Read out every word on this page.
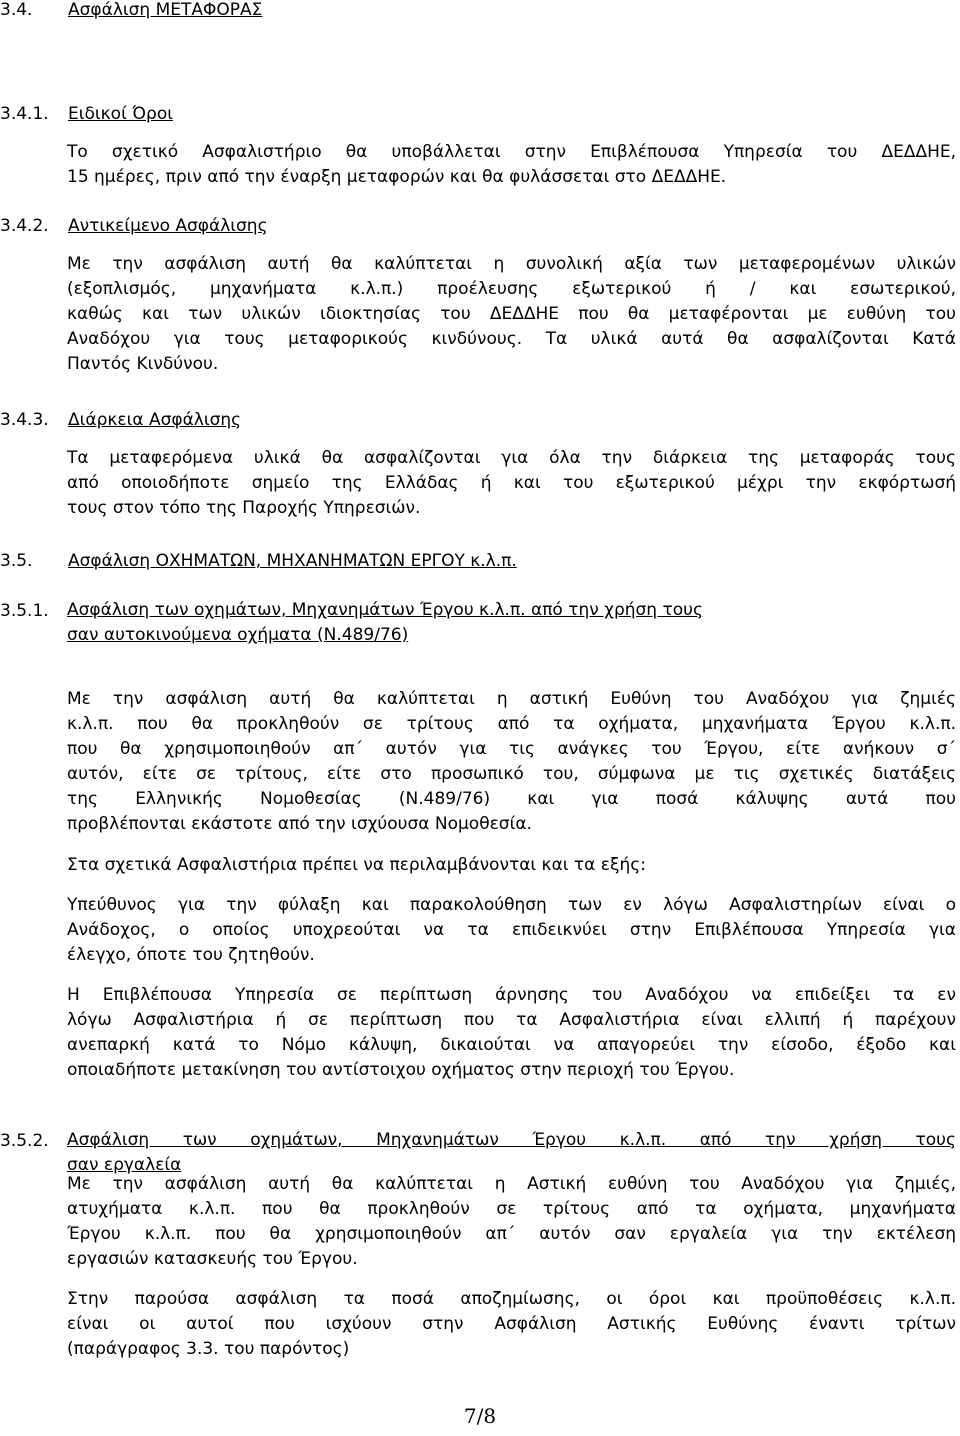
3.4. Ασφάλιση ΜΕΤΑΦΟΡΑΣ
3.4.1. Ειδικοί Όροι
Το σχετικό Ασφαλιστήριο θα υποβάλλεται στην Επιβλέπουσα Υπηρεσία του ΔΕΔΔΗΕ,
15 ημέρες, πριν από την έναρξη μεταφορών και θα φυλάσσεται στο ΔΕΔΔΗΕ.
3.4.2. Αντικείμενο Ασφάλισης
Με την ασφάλιση αυτή θα καλύπτεται η συνολική αξία των μεταφερομένων υλικών
(εξοπλισμός, μηχανήματα κ.λ.π.) προέλευσης εξωτερικού ή / και εσωτερικού,
καθώς και των υλικών ιδιοκτησίας του ΔΕΔΔΗΕ που θα μεταφέρονται με ευθύνη του
Αναδόχου για τους μεταφορικούς κινδύνους. Τα υλικά αυτά θα ασφαλίζονται Κατά
Παντός Κινδύνου.
3.4.3. Διάρκεια Ασφάλισης
Τα μεταφερόμενα υλικά θα ασφαλίζονται για όλα την διάρκεια της μεταφοράς τους
από οποιοδήποτε σημείο της Ελλάδας ή και του εξωτερικού μέχρι την εκφόρτωσή
τους στον τόπο της Παροχής Υπηρεσιών.
3.5. Ασφάλιση ΟΧΗΜΑΤΩΝ, ΜΗΧΑΝΗΜΑΤΩΝ ΕΡΓΟΥ κ.λ.π.
3.5.1. Ασφάλιση των οχημάτων, Μηχανημάτων Έργου κ.λ.π. από την χρήση τους
σαν αυτοκινούμενα οχήματα (Ν.489/76)
Με την ασφάλιση αυτή θα καλύπτεται η αστική Ευθύνη του Αναδόχου για ζημιές
κ.λ.π. που θα προκληθούν σε τρίτους από τα οχήματα, μηχανήματα Έργου κ.λ.π.
που θα χρησιμοποιηθούν απ΄ αυτόν για τις ανάγκες του Έργου, είτε ανήκουν σ΄
αυτόν, είτε σε τρίτους, είτε στο προσωπικό του, σύμφωνα με τις σχετικές διατάξεις
της Ελληνικής Νομοθεσίας (Ν.489/76) και για ποσά κάλυψης αυτά που
προβλέπονται εκάστοτε από την ισχύουσα Νομοθεσία.
Στα σχετικά Ασφαλιστήρια πρέπει να περιλαμβάνονται και τα εξής:
Υπεύθυνος για την φύλαξη και παρακολούθηση των εν λόγω Ασφαλιστηρίων είναι ο
Ανάδοχος, ο οποίος υποχρεούται να τα επιδεικνύει στην Επιβλέπουσα Υπηρεσία για
έλεγχο, όποτε του ζητηθούν.
Η Επιβλέπουσα Υπηρεσία σε περίπτωση άρνησης του Αναδόχου να επιδείξει τα εν
λόγω Ασφαλιστήρια ή σε περίπτωση που τα Ασφαλιστήρια είναι ελλιπή ή παρέχουν
ανεπαρκή κατά το Νόμο κάλυψη, δικαιούται να απαγορεύει την είσοδο, έξοδο και
οποιαδήποτε μετακίνηση του αντίστοιχου οχήματος στην περιοχή του Έργου.
3.5.2. Ασφάλιση των οχημάτων, Μηχανημάτων Έργου κ.λ.π. από την χρήση τους
σαν εργαλεία
Με την ασφάλιση αυτή θα καλύπτεται η Αστική ευθύνη του Αναδόχου για ζημιές,
ατυχήματα κ.λ.π. που θα προκληθούν σε τρίτους από τα οχήματα, μηχανήματα
Έργου κ.λ.π. που θα χρησιμοποιηθούν απ΄ αυτόν σαν εργαλεία για την εκτέλεση
εργασιών κατασκευής του Έργου.
Στην παρούσα ασφάλιση τα ποσά αποζημίωσης, οι όροι και προϋποθέσεις κ.λ.π.
είναι οι αυτοί που ισχύουν στην Ασφάλιση Αστικής Ευθύνης έναντι τρίτων
(παράγραφος 3.3. του παρόντος)
7/8
